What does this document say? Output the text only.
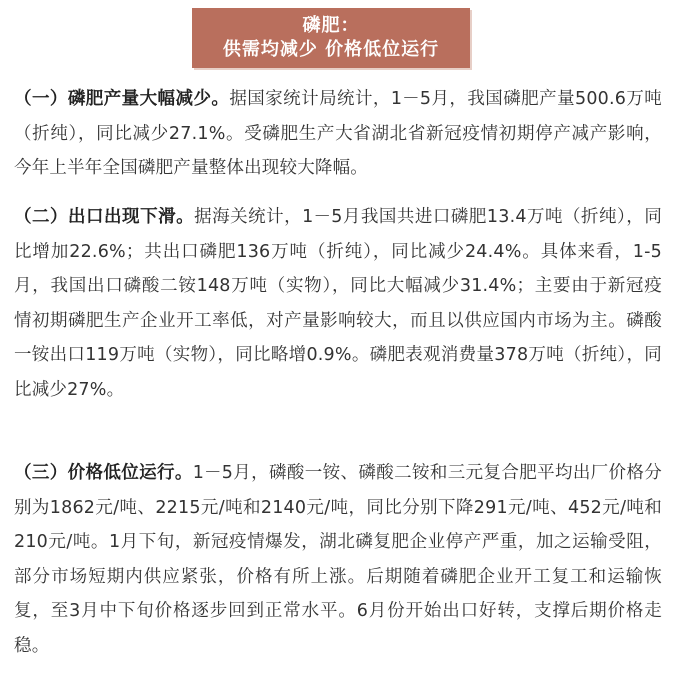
磷肥：
供需均减少 价格低位运行

（一）磷肥产量大幅减少。据国家统计局统计，1－5月，我国磷肥产量500.6万吨（折纯），同比减少27.1%。受磷肥生产大省湖北省新冠疫情初期停产减产影响，今年上半年全国磷肥产量整体出现较大降幅。

（二）出口出现下滑。据海关统计，1－5月我国共进口磷肥13.4万吨（折纯），同比增加22.6%；共出口磷肥136万吨（折纯），同比减少24.4%。具体来看，1-5月，我国出口磷酸二铵148万吨（实物），同比大幅减少31.4%；主要由于新冠疫情初期磷肥生产企业开工率低，对产量影响较大，而且以供应国内市场为主。磷酸一铵出口119万吨（实物），同比略增0.9%。磷肥表观消费量378万吨（折纯），同比减少27%。

（三）价格低位运行。1－5月，磷酸一铵、磷酸二铵和三元复合肥平均出厂价格分别为1862元/吨、2215元/吨和2140元/吨，同比分别下降291元/吨、452元/吨和210元/吨。1月下旬，新冠疫情爆发，湖北磷复肥企业停产严重，加之运输受阻，部分市场短期内供应紧张，价格有所上涨。后期随着磷肥企业开工复工和运输恢复，至3月中下旬价格逐步回到正常水平。6月份开始出口好转，支撑后期价格走稳。
